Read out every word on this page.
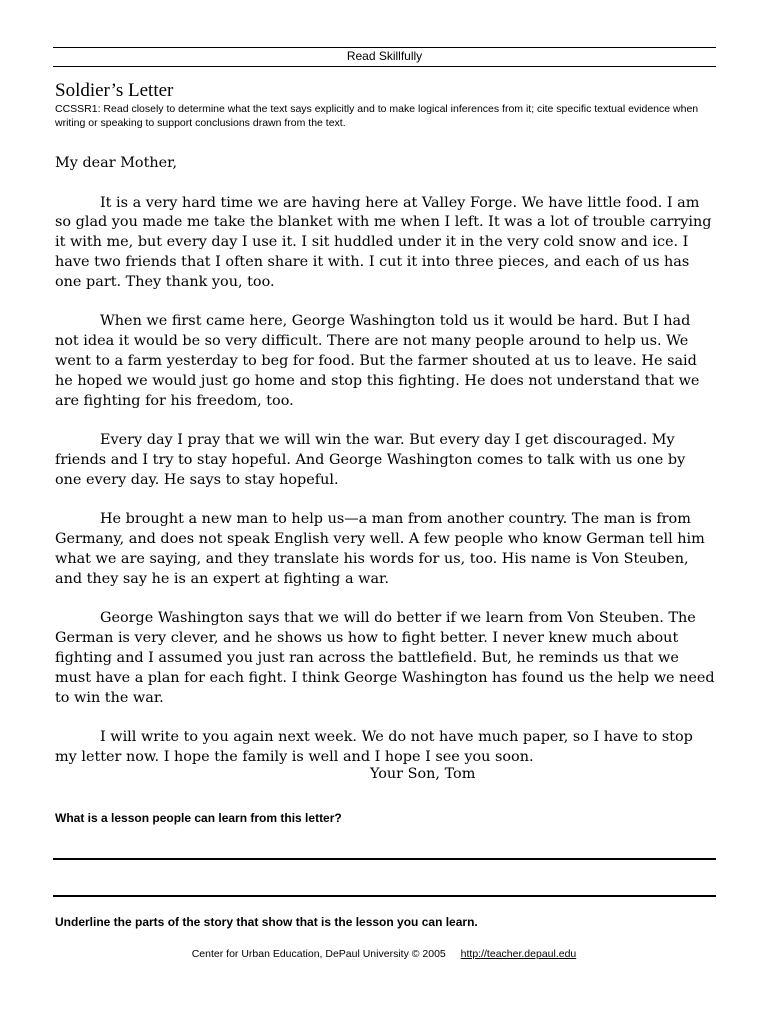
Read Skillfully
Soldier’s Letter
CCSSR1: Read closely to determine what the text says explicitly and to make logical inferences from it; cite specific textual evidence when writing or speaking to support conclusions drawn from the text.

My dear Mother,

It is a very hard time we are having here at Valley Forge. We have little food. I am so glad you made me take the blanket with me when I left. It was a lot of trouble carrying it with me, but every day I use it. I sit huddled under it in the very cold snow and ice. I have two friends that I often share it with. I cut it into three pieces, and each of us has one part. They thank you, too.

When we first came here, George Washington told us it would be hard. But I had not idea it would be so very difficult. There are not many people around to help us. We went to a farm yesterday to beg for food. But the farmer shouted at us to leave. He said he hoped we would just go home and stop this fighting. He does not understand that we are fighting for his freedom, too.

Every day I pray that we will win the war. But every day I get discouraged. My friends and I try to stay hopeful. And George Washington comes to talk with us one by one every day. He says to stay hopeful.

He brought a new man to help us—a man from another country. The man is from Germany, and does not speak English very well. A few people who know German tell him what we are saying, and they translate his words for us, too. His name is Von Steuben, and they say he is an expert at fighting a war.

George Washington says that we will do better if we learn from Von Steuben. The German is very clever, and he shows us how to fight better. I never knew much about fighting and I assumed you just ran across the battlefield. But, he reminds us that we must have a plan for each fight. I think George Washington has found us the help we need to win the war.

I will write to you again next week. We do not have much paper, so I have to stop my letter now. I hope the family is well and I hope I see you soon.

Your Son, Tom
What is a lesson people can learn from this letter?
Underline the parts of the story that show that is the lesson you can learn.
Center for Urban Education, DePaul University © 2005 http://teacher.depaul.edu
